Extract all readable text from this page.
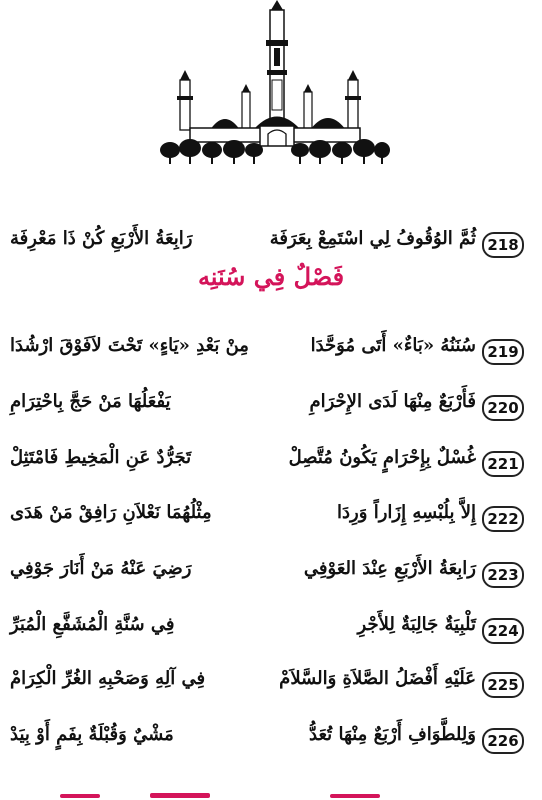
218
ثُمَّ الوُقُوفُ لِي اسْتَمِعْ بِعَرَفَة
رَابِعَةُ الأَرْبَعِ كُنْ ذَا مَعْرِفَة
فَصْلٌ فِي سُنَنِه
219
سُنَنُهُ «بَاءٌ» أَتَى مُوَحَّدَا
مِنْ بَعْدِ «يَاءٍ» تَحْتَ لاَفَوْقَ ارْشُدَا
220
فَأَرْبَعٌ مِنْهَا لَدَى الإِحْرَامِ
يَفْعَلُهَا مَنْ حَجَّ بِاحْتِرَامِ
221
غُسْلٌ بِإِحْرَامٍ يَكُونُ مُتَّصِلْ
تَجَرُّدٌ عَنِ الْمَخِيطِ فَامْتَثِلْ
222
إِلاَّ بِلُبْسِهِ إِزَاراً وَرِدَا
مِثْلُهُمَا نَعْلاَنِ رَافِقْ مَنْ هَدَى
223
رَابِعَةُ الأَرْبَعِ عِنْدَ العَوْفِي
رَضِيَ عَنْهُ مَنْ أَنَارَ جَوْفِي
224
تَلْبِيَةٌ جَالِبَةٌ لِلأَجْرِ
فِي سُنَّةِ الْمُشَفَّعِ الْمُبَرِّ
225
عَلَيْهِ أَفْضَلُ الصَّلاَةِ وَالسَّلاَمْ
فِي آلِهِ وَصَحْبِهِ الغُرِّ الْكِرَامْ
226
وَلِلطَّوَافِ أَرْبَعٌ مِنْهَا تُعَدُّ
مَشْيٌ وَقُبْلَةٌ بِفَمٍ أَوْ بِيَدْ
